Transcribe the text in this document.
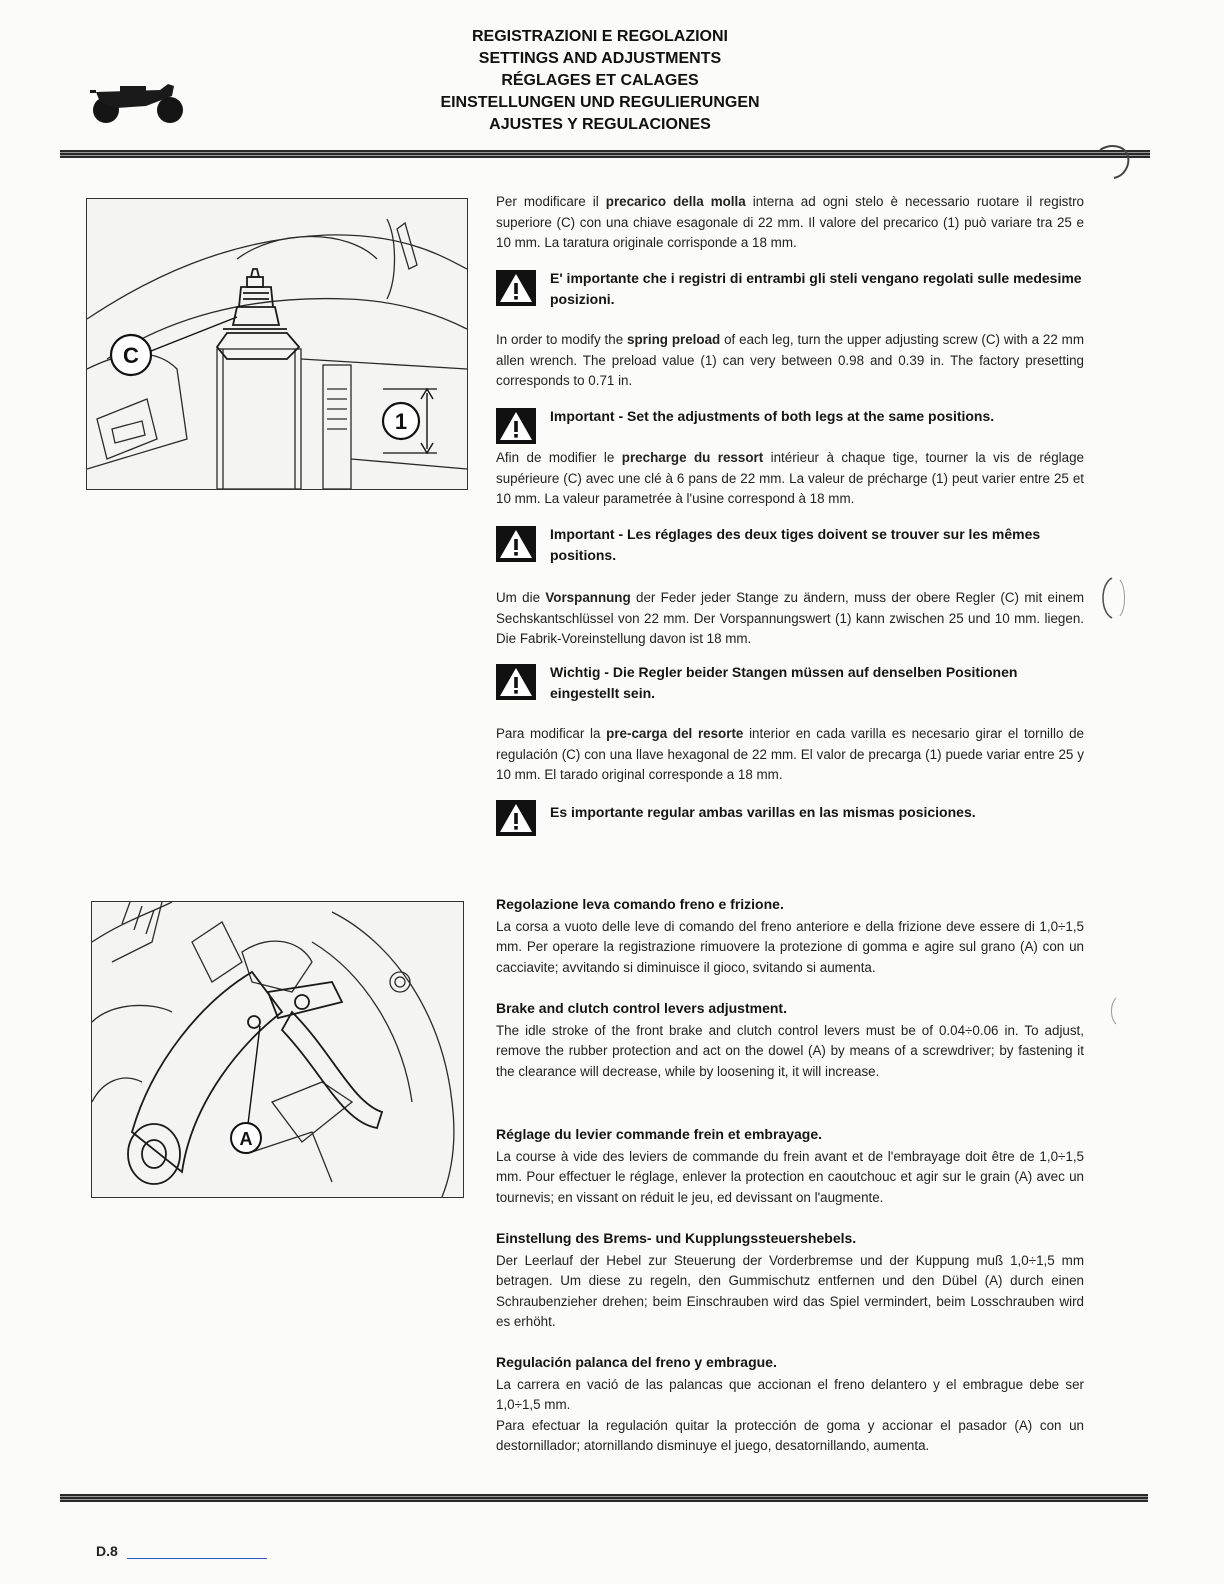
REGISTRAZIONI E REGOLAZIONI
SETTINGS AND ADJUSTMENTS
RÉGLAGES ET CALAGES
EINSTELLUNGEN UND REGULIERUNGEN
AJUSTES Y REGULACIONES
C
1

Per modificare il precarico della molla interna ad ogni stelo è necessario ruotare il registro superiore (C) con una chiave esagonale di 22 mm. Il valore del precarico (1) può variare tra 25 e 10 mm. La taratura originale corrisponde a 18 mm.

E' importante che i registri di entrambi gli steli vengano regolati sulle medesime posizioni.

In order to modify the spring preload of each leg, turn the upper adjusting screw (C) with a 22 mm allen wrench. The preload value (1) can very between 0.98 and 0.39 in. The factory presetting corresponds to 0.71 in.

Important - Set the adjustments of both legs at the same positions.

Afin de modifier le precharge du ressort intérieur à chaque tige, tourner la vis de réglage supérieure (C) avec une clé à 6 pans de 22 mm. La valeur de précharge (1) peut varier entre 25 et 10 mm. La valeur parametrée à l'usine correspond à 18 mm.

Important - Les réglages des deux tiges doivent se trouver sur les mêmes positions.

Um die Vorspannung der Feder jeder Stange zu ändern, muss der obere Regler (C) mit einem Sechskantschlüssel von 22 mm. Der Vorspannungswert (1) kann zwischen 25 und 10 mm. liegen. Die Fabrik-Voreinstellung davon ist 18 mm.

Wichtig - Die Regler beider Stangen müssen auf denselben Positionen eingestellt sein.

Para modificar la pre-carga del resorte interior en cada varilla es necesario girar el tornillo de regulación (C) con una llave hexagonal de 22 mm. El valor de precarga (1) puede variar entre 25 y 10 mm. El tarado original corresponde a 18 mm.

Es importante regular ambas varillas en las mismas posiciones.
A
Regolazione leva comando freno e frizione.

La corsa a vuoto delle leve di comando del freno anteriore e della frizione deve essere di 1,0÷1,5 mm. Per operare la registrazione rimuovere la protezione di gomma e agire sul grano (A) con un cacciavite; avvitando si diminuisce il gioco, svitando si aumenta.

Brake and clutch control levers adjustment.

The idle stroke of the front brake and clutch control levers must be of 0.04÷0.06 in. To adjust, remove the rubber protection and act on the dowel (A) by means of a screwdriver; by fastening it the clearance will decrease, while by loosening it, it will increase.

Réglage du levier commande frein et embrayage.

La course à vide des leviers de commande du frein avant et de l'embrayage doit être de 1,0÷1,5 mm. Pour effectuer le réglage, enlever la protection en caoutchouc et agir sur le grain (A) avec un tournevis; en vissant on réduit le jeu, ed devissant on l'augmente.

Einstellung des Brems- und Kupplungssteuershebels.

Der Leerlauf der Hebel zur Steuerung der Vorderbremse und der Kuppung muß 1,0÷1,5 mm betragen. Um diese zu regeln, den Gummischutz entfernen und den Dübel (A) durch einen Schraubenzieher drehen; beim Einschrauben wird das Spiel vermindert, beim Losschrauben wird es erhöht.

Regulación palanca del freno y embrague.

La carrera en vació de las palancas que accionan el freno delantero y el embrague debe ser 1,0÷1,5 mm.

Para efectuar la regulación quitar la protección de goma y accionar el pasador (A) con un destornillador; atornillando disminuye el juego, desatornillando, aumenta.

D.8
